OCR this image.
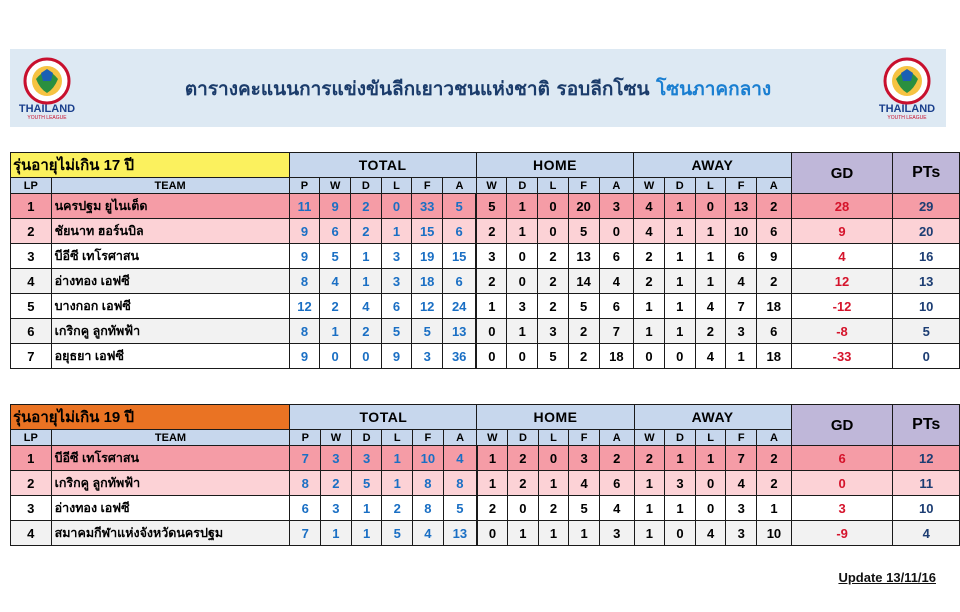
THAILAND
YOUTH LEAGUE
ตารางคะแนนการแข่งขันลีกเยาวชนแห่งชาติ รอบลีกโซน โซนภาคกลาง
THAILAND
YOUTH LEAGUE
รุ่นอายุไม่เกิน 17 ปี		TOTAL						HOME					AWAY					GD	PTs
LP	TEAM	P	W	D	L	F	A	W	D	L	F	A	W	D	L	F	A		
1	นครปฐม ยูไนเต็ด	11	9	2	0	33	5	5	1	0	20	3	4	1	0	13	2	28	29
2	ชัยนาท ฮอร์นบิล	9	6	2	1	15	6	2	1	0	5	0	4	1	1	10	6	9	20
3	บีอีซี เทโรศาสน	9	5	1	3	19	15	3	0	2	13	6	2	1	1	6	9	4	16
4	อ่างทอง เอฟซี	8	4	1	3	18	6	2	0	2	14	4	2	1	1	4	2	12	13
5	บางกอก เอฟซี	12	2	4	6	12	24	1	3	2	5	6	1	1	4	7	18	-12	10
6	เกริกคู ลูกทัพฟ้า	8	1	2	5	5	13	0	1	3	2	7	1	1	2	3	6	-8	5
7	อยุธยา เอฟซี	9	0	0	9	3	36	0	0	5	2	18	0	0	4	1	18	-33	0
รุ่นอายุไม่เกิน 19 ปี		TOTAL						HOME					AWAY					GD	PTs
LP	TEAM	P	W	D	L	F	A	W	D	L	F	A	W	D	L	F	A		
1	บีอีซี เทโรศาสน	7	3	3	1	10	4	1	2	0	3	2	2	1	1	7	2	6	12
2	เกริกคู ลูกทัพฟ้า	8	2	5	1	8	8	1	2	1	4	6	1	3	0	4	2	0	11
3	อ่างทอง เอฟซี	6	3	1	2	8	5	2	0	2	5	4	1	1	0	3	1	3	10
4	สมาคมกีฬาแห่งจังหวัดนครปฐม	7	1	1	5	4	13	0	1	1	1	3	1	0	4	3	10	-9	4
Update 13/11/16
